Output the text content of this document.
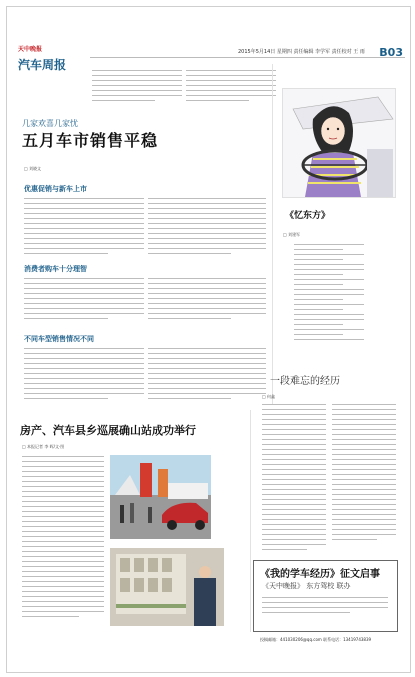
天中晚报
汽车周报
2015年5月14日 星期四 责任编辑 李学军 责任校对 王 雨 B03
几家欢喜几家忧
五月车市销售平稳
□ 刘晓文
优惠促销与新车上市
消费者购车十分理智
不同车型销售情况不同
《忆东方》
□ 刘建军
一段难忘的经历
□ 何鑫
房产、汽车县乡巡展确山站成功举行
□ 本报记者 李 晖/文·图
《我的学车经历》征文启事
《天中晚报》 东方驾校 联办
投稿邮箱：441030206@qq.com 联系电话：13419743839
